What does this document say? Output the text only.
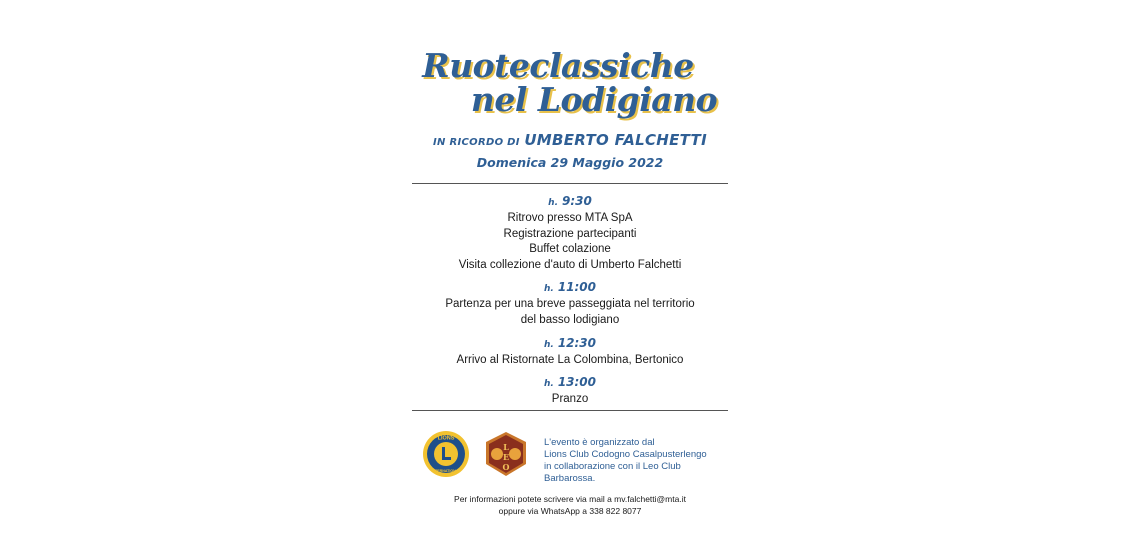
Ruoteclassiche
nel Lodigiano
IN RICORDO DI UMBERTO FALCHETTI
Domenica 29 Maggio 2022
h. 9:30
Ritrovo presso MTA SpA
Registrazione partecipanti
Buffet colazione
Visita collezione d'auto di Umberto Falchetti
h. 11:00
Partenza per una breve passeggiata nel territorio
del basso lodigiano
h. 12:30
Arrivo al Ristornate La Colombina, Bertonico
h. 13:00
Pranzo
LIONS
INTERNATIONAL
L
E
O
L'evento è organizzato dal
Lions Club Codogno Casalpusterlengo
in collaborazione con il Leo Club Barbarossa.
Per informazioni potete scrivere via mail a mv.falchetti@mta.it
oppure via WhatsApp a 338 822 8077
